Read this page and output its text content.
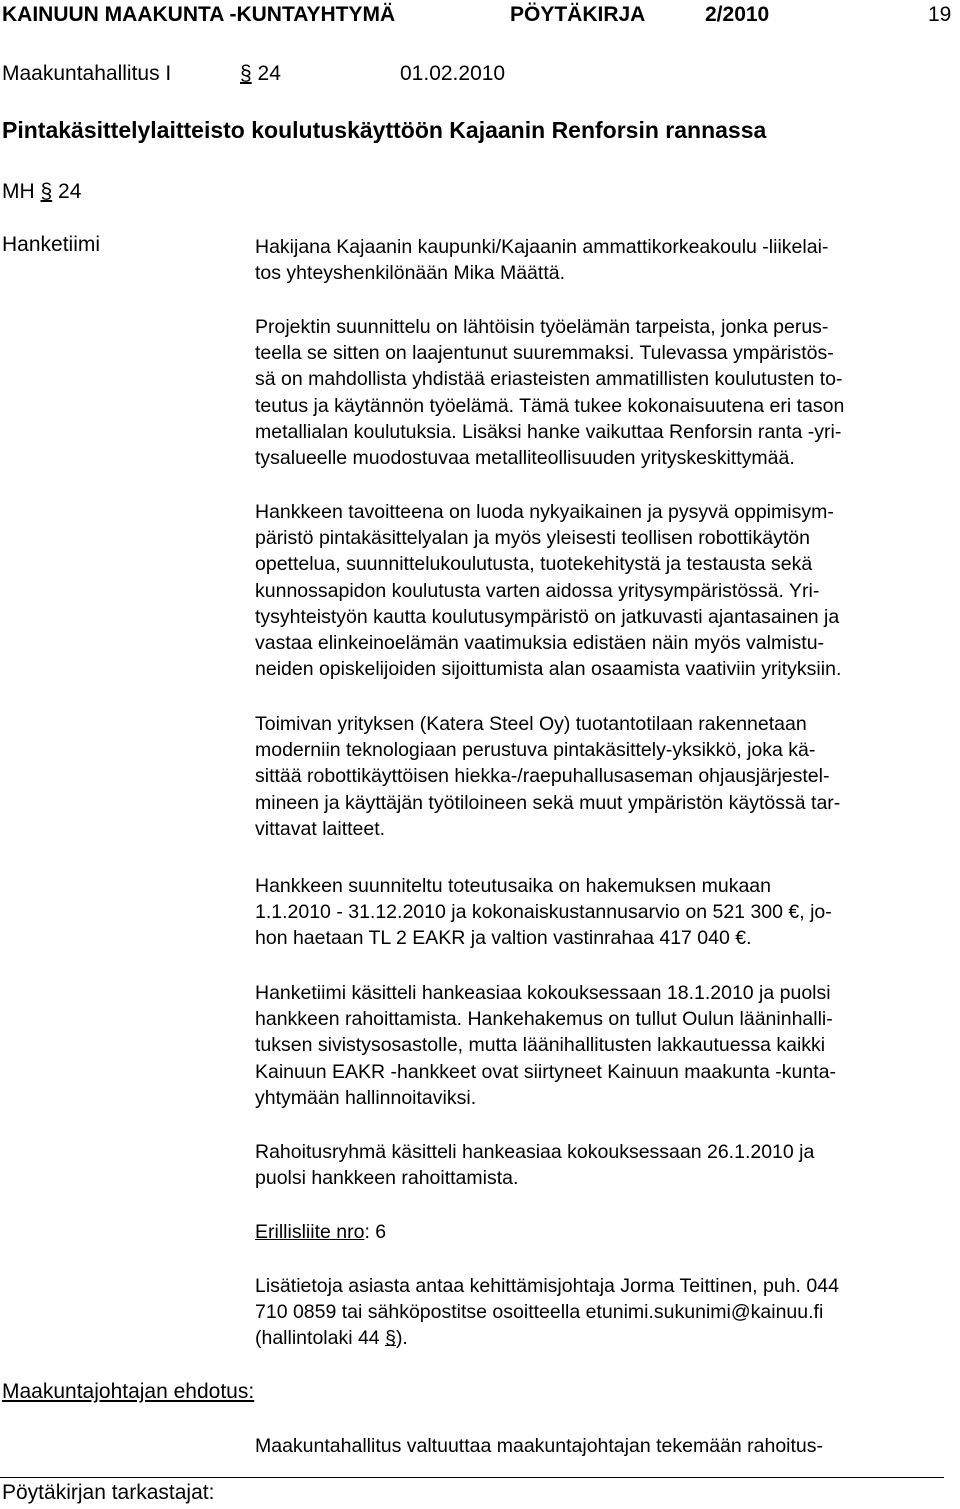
KAINUUN MAAKUNTA -KUNTAYHTYMÄ	PÖYTÄKIRJA	2/2010	19
Maakuntahallitus I	§ 24	01.02.2010
Pintakäsittelylaitteisto koulutuskäyttöön Kajaanin Renforsin rannassa
MH § 24
Hanketiimi
Maakuntajohtajan ehdotus:
Pöytäkirjan tarkastajat:
Hakijana Kajaanin kaupunki/Kajaanin ammattikorkeakoulu -liikelai-
tos yhteyshenkilönään Mika Määttä.
Projektin suunnittelu on lähtöisin työelämän tarpeista, jonka perus-
teella se sitten on laajentunut suuremmaksi. Tulevassa ympäristös-
sä on mahdollista yhdistää eriasteisten ammatillisten koulutusten to-
teutus ja käytännön työelämä. Tämä tukee kokonaisuutena eri tason
metallialan koulutuksia. Lisäksi hanke vaikuttaa Renforsin ranta -yri-
tysalueelle muodostuvaa metalliteollisuuden yrityskeskittymää.
Hankkeen tavoitteena on luoda nykyaikainen ja pysyvä oppimisym-
päristö pintakäsittelyalan ja myös yleisesti teollisen robottikäytön
opettelua, suunnittelukoulutusta, tuotekehitystä ja testausta sekä
kunnossapidon koulutusta varten aidossa yritysympäristössä. Yri-
tysyhteistyön kautta koulutusympäristö on jatkuvasti ajantasainen ja
vastaa elinkeinoelämän vaatimuksia edistäen näin myös valmistu-
neiden opiskelijoiden sijoittumista alan osaamista vaativiin yrityksiin.
Toimivan yrityksen (Katera Steel Oy) tuotantotilaan rakennetaan
moderniin teknologiaan perustuva pintakäsittely-yksikkö, joka kä-
sittää robottikäyttöisen hiekka-/raepuhallusaseman ohjausjärjestel-
mineen ja käyttäjän työtiloineen sekä muut ympäristön käytössä tar-
vittavat laitteet.
Hankkeen suunniteltu toteutusaika on hakemuksen mukaan
1.1.2010 - 31.12.2010 ja kokonaiskustannusarvio on 521 300 €, jo-
hon haetaan TL 2 EAKR ja valtion vastinrahaa 417 040 €.
Hanketiimi käsitteli hankeasiaa kokouksessaan 18.1.2010 ja puolsi
hankkeen rahoittamista. Hankehakemus on tullut Oulun lääninhalli-
tuksen sivistysosastolle, mutta läänihallitusten lakkautuessa kaikki
Kainuun EAKR -hankkeet ovat siirtyneet Kainuun maakunta -kunta-
yhtymään hallinnoitaviksi.
Rahoitusryhmä käsitteli hankeasiaa kokouksessaan 26.1.2010 ja
puolsi hankkeen rahoittamista.
Erillisliite nro: 6
Lisätietoja asiasta antaa kehittämisjohtaja Jorma Teittinen, puh. 044
710 0859 tai sähköpostitse osoitteella etunimi.sukunimi@kainuu.fi
(hallintolaki 44 §).
Maakuntahallitus valtuuttaa maakuntajohtajan tekemään rahoitus-
